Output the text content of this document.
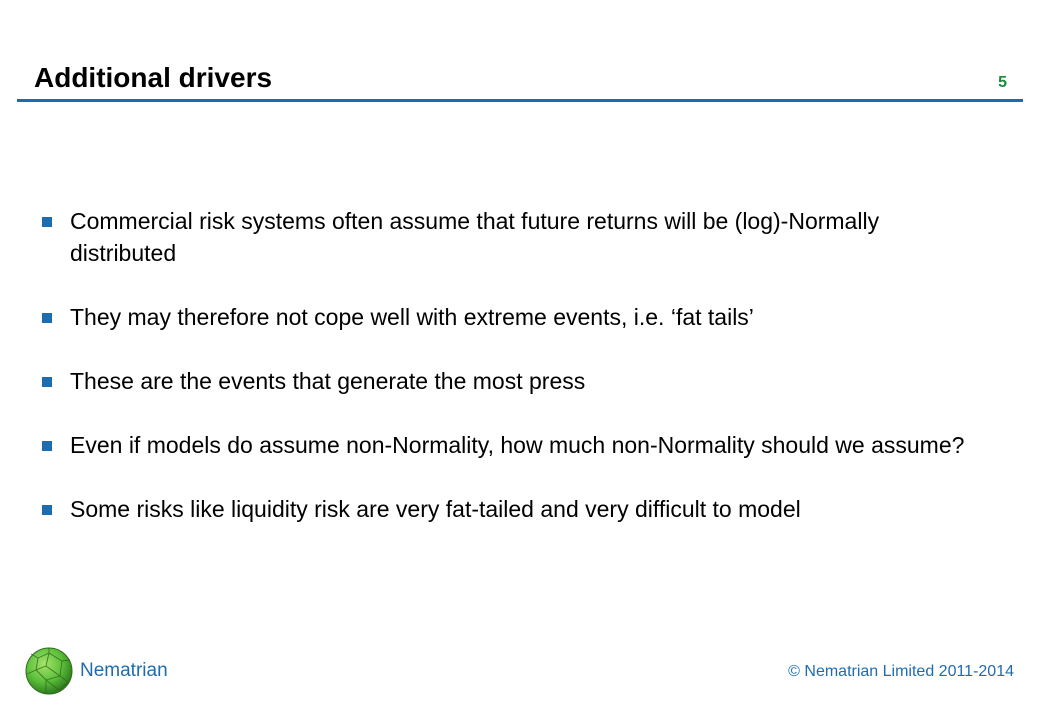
Additional drivers	5
Commercial risk systems often assume that future returns will be (log)-Normally distributed
They may therefore not cope well with extreme events, i.e. ‘fat tails’
These are the events that generate the most press
Even if models do assume non-Normality, how much non-Normality should we assume?
Some risks like liquidity risk are very fat-tailed and very difficult to model
Nematrian	© Nematrian Limited 2011-2014
